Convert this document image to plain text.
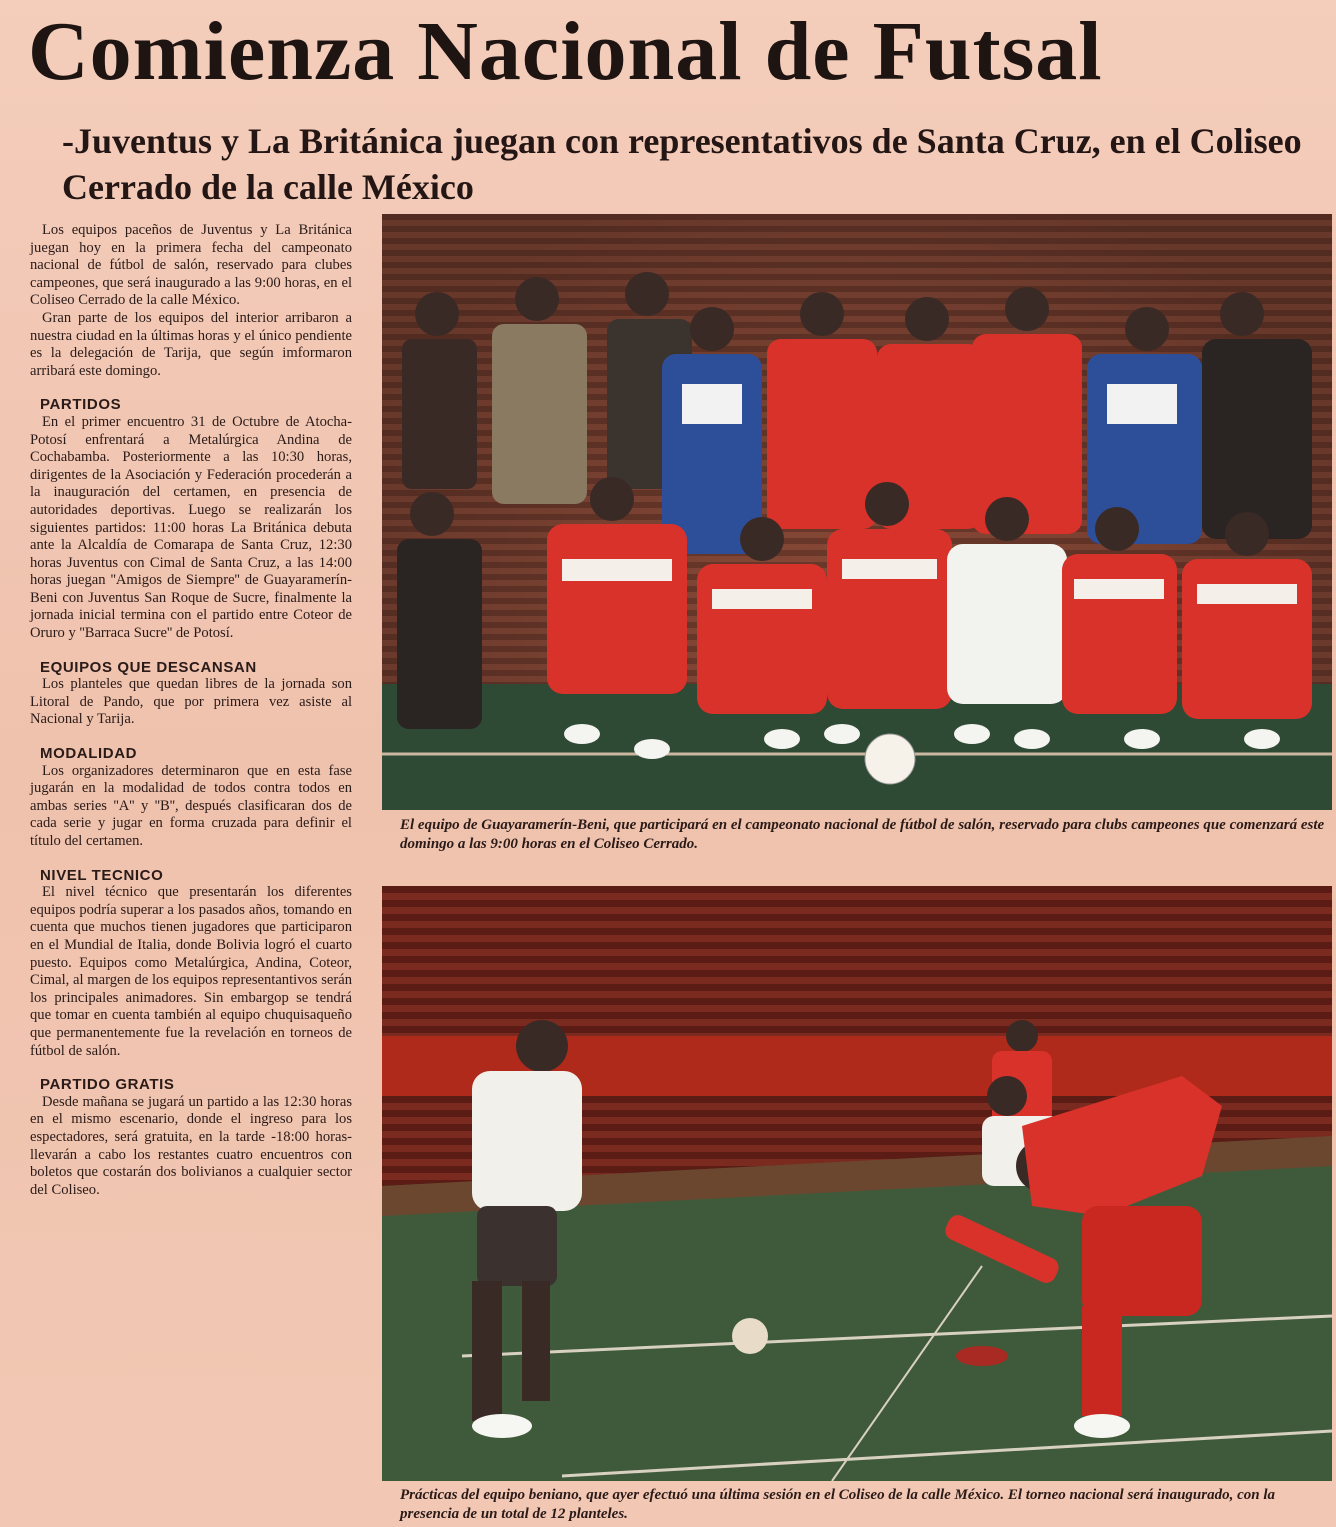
Comienza Nacional de Futsal
-Juventus y La Británica juegan con representativos de Santa Cruz, en el Coliseo Cerrado de la calle México

Los equipos paceños de Juventus y La Británica juegan hoy en la primera fecha del campeonato nacional de fútbol de salón, reservado para clubes campeones, que será inaugurado a las 9:00 horas, en el Coliseo Cerrado de la calle México.

Gran parte de los equipos del interior arribaron a nuestra ciudad en la últimas horas y el único pendiente es la delegación de Tarija, que según imformaron arribará este domingo.

PARTIDOS

En el primer encuentro 31 de Octubre de Atocha-Potosí enfrentará a Metalúrgica Andina de Cochabamba. Posteriormente a las 10:30 horas, dirigentes de la Asociación y Federación procederán a la inauguración del certamen, en presencia de autoridades deportivas. Luego se realizarán los siguientes partidos: 11:00 horas La Británica debuta ante la Alcaldía de Comarapa de Santa Cruz, 12:30 horas Juventus con Cimal de Santa Cruz, a las 14:00 horas juegan ''Amigos de Siempre'' de Guayaramerín-Beni con Juventus San Roque de Sucre, finalmente la jornada inicial termina con el partido entre Coteor de Oruro y ''Barraca Sucre'' de Potosí.

EQUIPOS QUE DESCANSAN

Los planteles que quedan libres de la jornada son Litoral de Pando, que por primera vez asiste al Nacional y Tarija.

MODALIDAD

Los organizadores determinaron que en esta fase jugarán en la modalidad de todos contra todos en ambas series ''A'' y ''B'', después clasificaran dos de cada serie y jugar en forma cruzada para definir el título del certamen.

NIVEL TECNICO

El nivel técnico que presentarán los diferentes equipos podría superar a los pasados años, tomando en cuenta que muchos tienen jugadores que participaron en el Mundial de Italia, donde Bolivia logró el cuarto puesto. Equipos como Metalúrgica, Andina, Coteor, Cimal, al margen de los equipos representantivos serán los principales animadores. Sin embargop se tendrá que tomar en cuenta también al equipo chuquisaqueño que permanentemente fue la revelación en torneos de fútbol de salón.

PARTIDO GRATIS

Desde mañana se jugará un partido a las 12:30 horas en el mismo escenario, donde el ingreso para los espectadores, será gratuita, en la tarde -18:00 horas- llevarán a cabo los restantes cuatro encuentros con boletos que costarán dos bolivianos a cualquier sector del Coliseo.

El equipo de Guayaramerín-Beni, que participará en el campeonato nacional de fútbol de salón, reservado para clubs campeones que comenzará este domingo a las 9:00 horas en el Coliseo Cerrado.
Prácticas del equipo beniano, que ayer efectuó una última sesión en el Coliseo de la calle México. El torneo nacional será inaugurado, con la presencia de un total de 12 planteles.
